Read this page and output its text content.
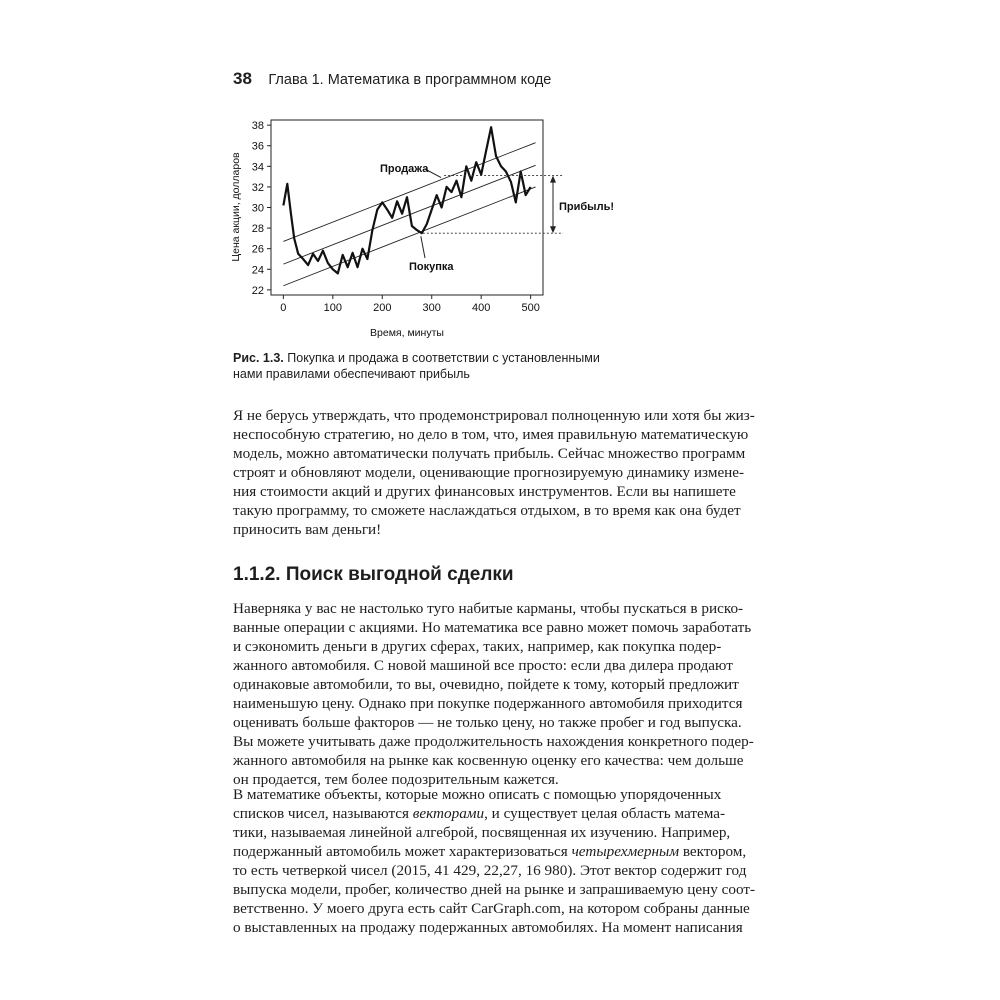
38 Глава 1. Математика в программном коде
0	100	200	300	400	500
22
24
26
28
30
32
34
36
38
Прибыль!
Продажа
Покупка
Время, минуты
Цена акции, долларов
Рис. 1.3. Покупка и продажа в соответствии с установленными
нами правилами обеспечивают прибыль
Я не берусь утверждать, что продемонстрировал полноценную или хотя бы жиз-
неспособную стратегию, но дело в том, что, имея правильную математическую
модель, можно автоматически получать прибыль. Сейчас множество программ
строят и обновляют модели, оценивающие прогнозируемую динамику измене-
ния стоимости акций и других финансовых инструментов. Если вы напишете
такую программу, то сможете наслаждаться отдыхом, в то время как она будет
приносить вам деньги!
1.1.2. Поиск выгодной сделки
Наверняка у вас не настолько туго набитые карманы, чтобы пускаться в риско-
ванные операции с акциями. Но математика все равно может помочь заработать
и сэкономить деньги в других сферах, таких, например, как покупка подер-
жанного автомобиля. С новой машиной все просто: если два дилера продают
одинаковые автомобили, то вы, очевидно, пойдете к тому, который предложит
наименьшую цену. Однако при покупке подержанного автомобиля приходится
оценивать больше факторов — не только цену, но также пробег и год выпуска.
Вы можете учитывать даже продолжительность нахождения конкретного подер-
жанного автомобиля на рынке как косвенную оценку его качества: чем дольше
он продается, тем более подозрительным кажется.
В математике объекты, которые можно описать с помощью упорядоченных
списков чисел, называются векторами, и существует целая область матема-
тики, называемая линейной алгеброй, посвященная их изучению. Например,
подержанный автомобиль может характеризоваться четырехмерным вектором,
то есть четверкой чисел (2015, 41 429, 22,27, 16 980). Этот вектор содержит год
выпуска модели, пробег, количество дней на рынке и запрашиваемую цену соот-
ветственно. У моего друга есть сайт CarGraph.com, на котором собраны данные
о выставленных на продажу подержанных автомобилях. На момент написания
